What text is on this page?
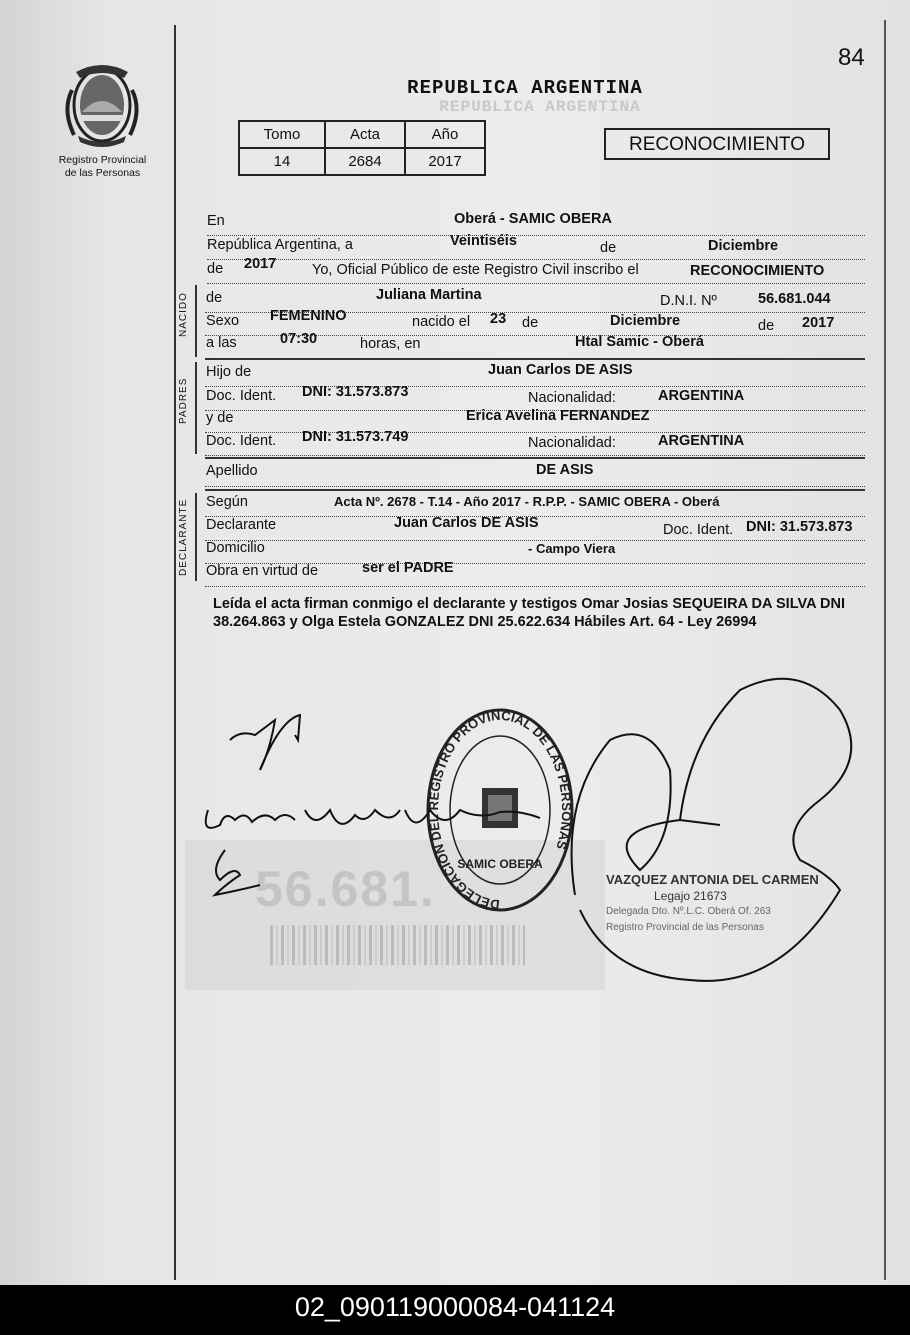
84
Registro Provincial
de las Personas
REPUBLICA ARGENTINA
REPUBLICA ARGENTINA
Tomo	Acta	Año
14	2684	2017
RECONOCIMIENTO
En	Oberá - SAMIC OBERA
República Argentina, a	Veintiséis	de	Diciembre
de 2017 Yo, Oficial Público de este Registro Civil inscribo el	RECONOCIMIENTO
NACIDO de	Juliana Martina	D.N.I. Nº	56.681.044
Sexo FEMENINO	nacido el 23 de	Diciembre	de 2017
a las	07:30	horas, en	Htal Samic - Oberá
PADRES
Hijo de	Juan Carlos DE ASIS
Doc. Ident. DNI: 31.573.873	Nacionalidad:	ARGENTINA
y de	Erica Avelina FERNANDEZ
Doc. Ident. DNI: 31.573.749	Nacionalidad:	ARGENTINA
Apellido	DE ASIS
DECLARANTE Según	Acta Nº. 2678 - T.14 - Año 2017 - R.P.P. - SAMIC OBERA - Oberá
Declarante	Juan Carlos DE ASIS	Doc. Ident. DNI: 31.573.873
Domicilio	- Campo Viera
Obra en virtud de	ser el PADRE
Leída el acta firman conmigo el declarante y testigos Omar Josias SEQUEIRA DA SILVA DNI 38.264.863 y Olga Estela GONZALEZ DNI 25.622.634 Hábiles Art. 64 - Ley 26994
56.681.	DELEGACION DEL REGISTRO PROVINCIAL DE LAS PERSONAS
SAMIC OBERA
VAZQUEZ ANTONIA DEL CARMEN
Legajo 21673
Delegada Dto. Nº.L.C. Oberá Of. 263
Registro Provincial de las Personas
02_090119000084-041124
